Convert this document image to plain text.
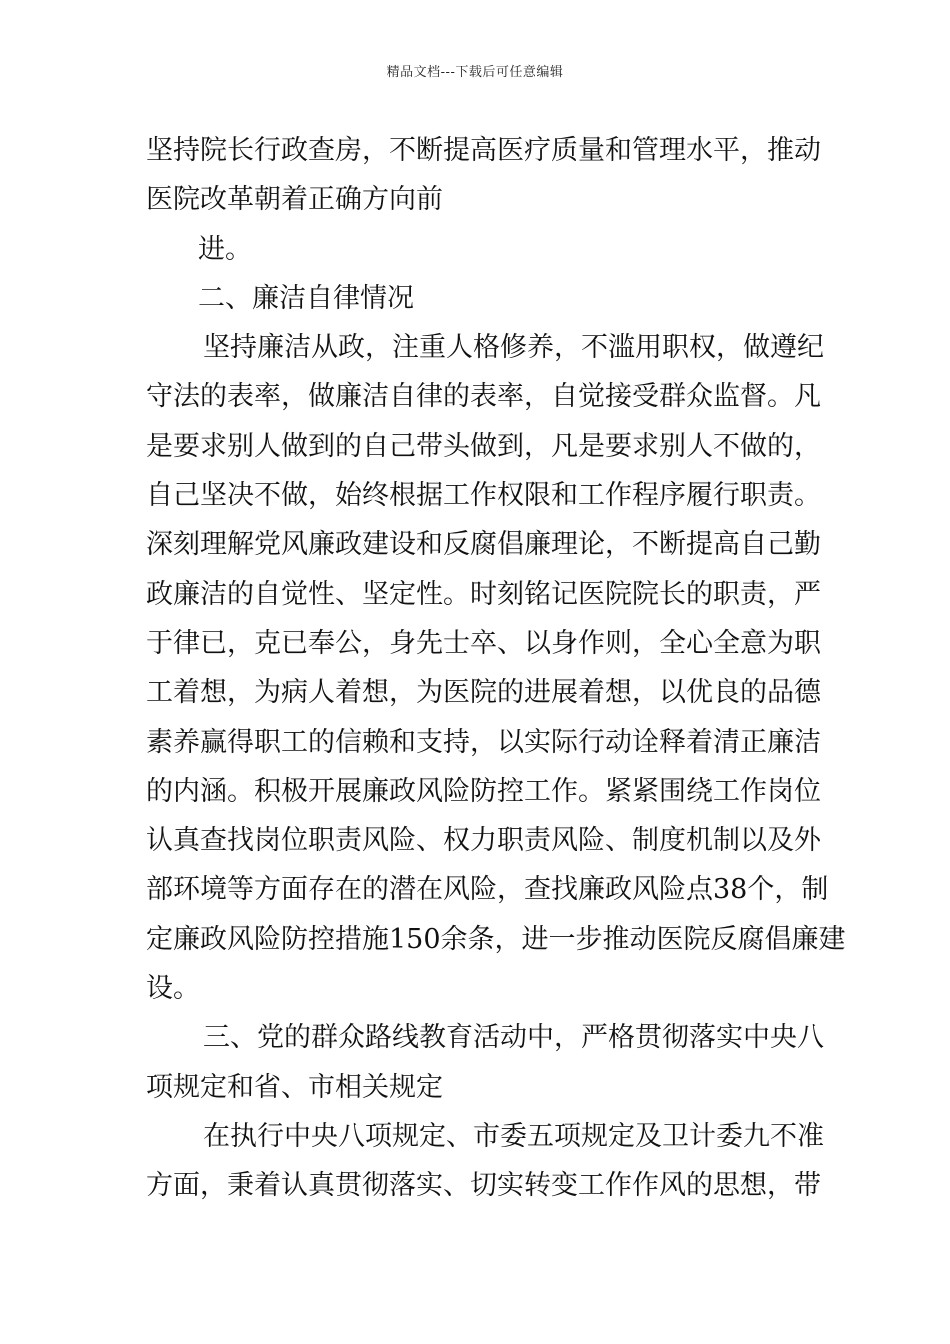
精品文档---下载后可任意编辑
坚持院长行政查房，不断提高医疗质量和管理水平，推动
医院改革朝着正确方向前
进。
二、廉洁自律情况
坚持廉洁从政，注重人格修养，不滥用职权，做遵纪
守法的表率，做廉洁自律的表率，自觉接受群众监督。凡
是要求别人做到的自己带头做到，凡是要求别人不做的，
自己坚决不做，始终根据工作权限和工作程序履行职责。
深刻理解党风廉政建设和反腐倡廉理论，不断提高自己勤
政廉洁的自觉性、坚定性。时刻铭记医院院长的职责，严
于律已，克已奉公，身先士卒、以身作则，全心全意为职
工着想，为病人着想，为医院的进展着想，以优良的品德
素养赢得职工的信赖和支持，以实际行动诠释着清正廉洁
的内涵。积极开展廉政风险防控工作。紧紧围绕工作岗位
认真查找岗位职责风险、权力职责风险、制度机制以及外
部环境等方面存在的潜在风险，查找廉政风险点38个，制
定廉政风险防控措施150余条，进一步推动医院反腐倡廉建
设。
三、党的群众路线教育活动中，严格贯彻落实中央八
项规定和省、市相关规定
在执行中央八项规定、市委五项规定及卫计委九不准
方面，秉着认真贯彻落实、切实转变工作作风的思想，带
